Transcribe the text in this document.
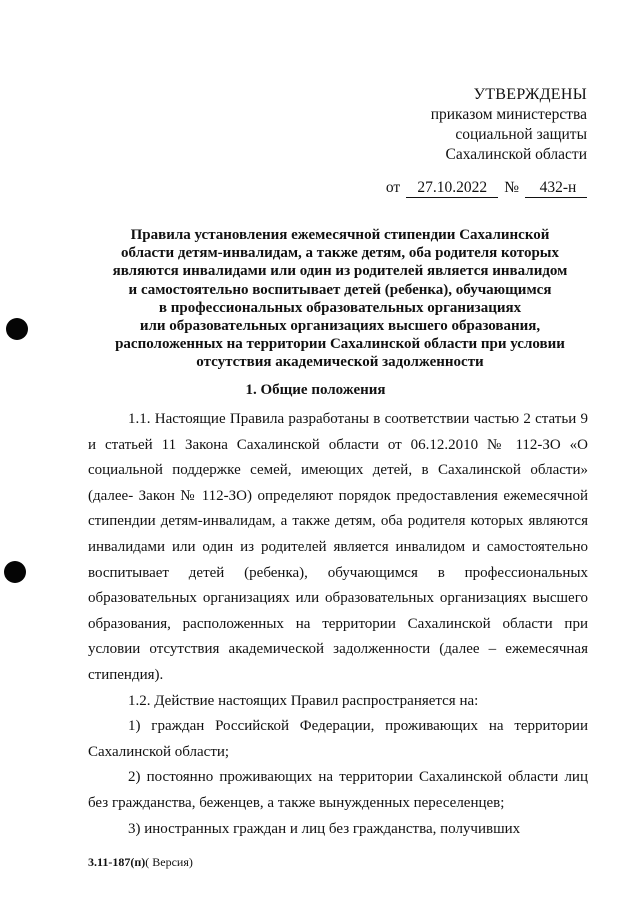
УТВЕРЖДЕНЫ
приказом министерства
социальной защиты
Сахалинской области
от 27.10.2022 № 432-н
Правила установления ежемесячной стипендии Сахалинской
области детям-инвалидам, а также детям, оба родителя которых
являются инвалидами или один из родителей является инвалидом
и самостоятельно воспитывает детей (ребенка), обучающимся
в профессиональных образовательных организациях
или образовательных организациях высшего образования,
расположенных на территории Сахалинской области при условии
отсутствия академической задолженности
1. Общие положения

1.1. Настоящие Правила разработаны в соответствии частью 2 статьи 9 и статьей 11 Закона Сахалинской области от 06.12.2010 № 112-ЗО «О социальной поддержке семей, имеющих детей, в Сахалинской области» (далее- Закон № 112-ЗО) определяют порядок предоставления ежемесячной стипендии детям-инвалидам, а также детям, оба родителя которых являются инвалидами или один из родителей является инвалидом и самостоятельно воспитывает детей (ребенка), обучающимся в профессиональных образовательных организациях или образовательных организациях высшего образования, расположенных на территории Сахалинской области при условии отсутствия академической задолженности (далее – ежемесячная стипендия).

1.2. Действие настоящих Правил распространяется на:

1) граждан Российской Федерации, проживающих на территории Сахалинской области;

2) постоянно проживающих на территории Сахалинской области лиц без гражданства, беженцев, а также вынужденных переселенцев;

3) иностранных граждан и лиц без гражданства, получивших

3.11-187(п)( Версия)
